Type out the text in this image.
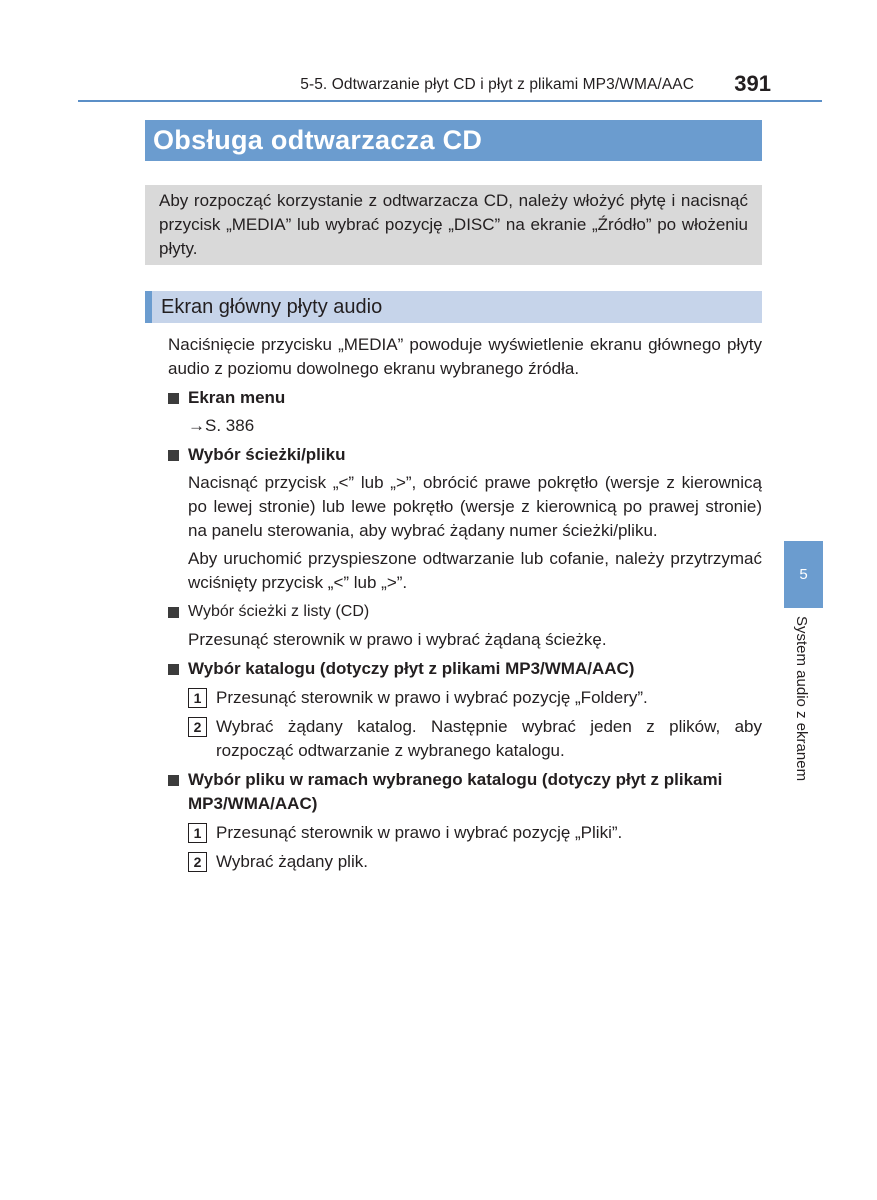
5-5. Odtwarzanie płyt CD i płyt z plikami MP3/WMA/AAC 391
Obsługa odtwarzacza CD
Aby rozpocząć korzystanie z odtwarzacza CD, należy włożyć płytę i nacisnąć przycisk „MEDIA” lub wybrać pozycję „DISC” na ekranie „Źródło” po włożeniu płyty.
Ekran główny płyty audio

Naciśnięcie przycisku „MEDIA” powoduje wyświetlenie ekranu głównego płyty audio z poziomu dowolnego ekranu wybranego źródła.

Ekran menu
→S. 386
Wybór ścieżki/pliku
Nacisnąć przycisk „<” lub „>”, obrócić prawe pokrętło (wersje z kierownicą po lewej stronie) lub lewe pokrętło (wersje z kierownicą po prawej stronie) na panelu sterowania, aby wybrać żądany numer ścieżki/pliku.
Aby uruchomić przyspieszone odtwarzanie lub cofanie, należy przytrzymać wciśnięty przycisk „<” lub „>”.
Wybór ścieżki z listy (CD)
Przesunąć sterownik w prawo i wybrać żądaną ścieżkę.
Wybór katalogu (dotyczy płyt z plikami MP3/WMA/AAC)
1 Przesunąć sterownik w prawo i wybrać pozycję „Foldery”.
2 Wybrać żądany katalog. Następnie wybrać jeden z plików, aby rozpocząć odtwarzanie z wybranego katalogu.
Wybór pliku w ramach wybranego katalogu (dotyczy płyt z plikami MP3/WMA/AAC)
1 Przesunąć sterownik w prawo i wybrać pozycję „Pliki”.
2 Wybrać żądany plik.
5
System audio z ekranem
